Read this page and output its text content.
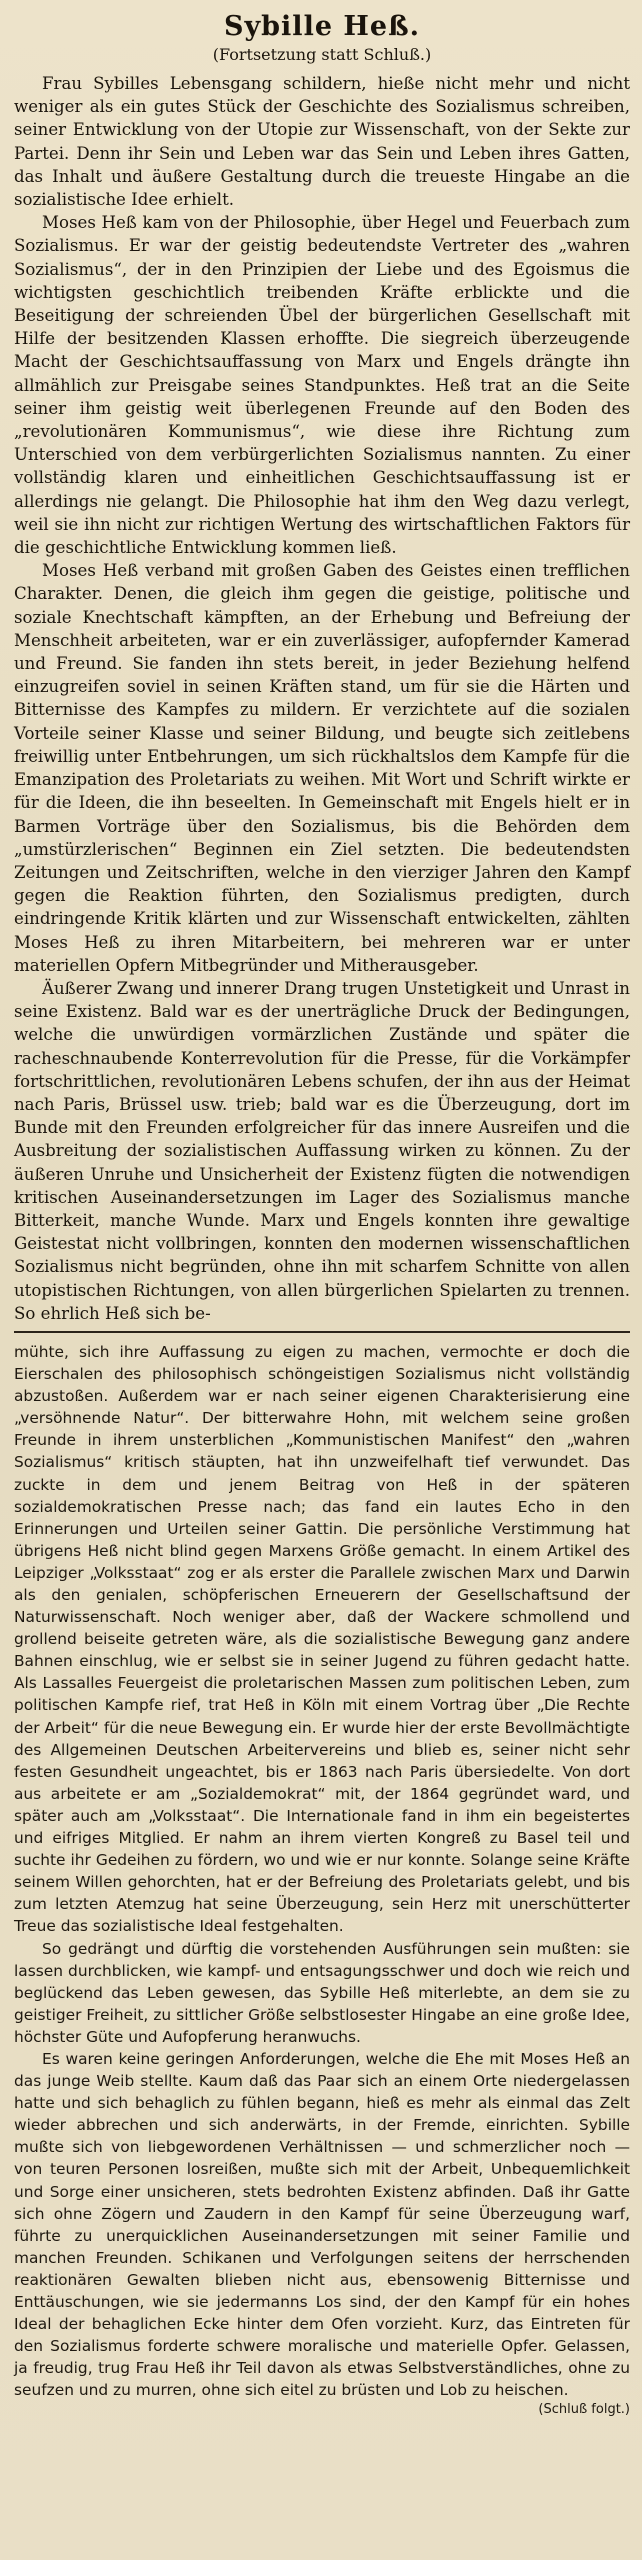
Sybille Heß.
(Fortsetzung statt Schluß.)

Frau Sybilles Lebensgang schildern, hieße nicht mehr und nicht weniger als ein gutes Stück der Geschichte des Sozialismus schreiben, seiner Entwicklung von der Utopie zur Wissenschaft, von der Sekte zur Partei. Denn ihr Sein und Leben war das Sein und Leben ihres Gatten, das Inhalt und äußere Gestaltung durch die treueste Hingabe an die sozialistische Idee erhielt.

Moses Heß kam von der Philosophie, über Hegel und Feuerbach zum Sozialismus. Er war der geistig bedeutendste Vertreter des „wahren Sozialismus“, der in den Prinzipien der Liebe und des Egoismus die wichtigsten geschichtlich treibenden Kräfte erblickte und die Beseitigung der schreienden Übel der bürgerlichen Gesellschaft mit Hilfe der besitzenden Klassen erhoffte. Die siegreich überzeugende Macht der Geschichtsauffassung von Marx und Engels drängte ihn allmählich zur Preisgabe seines Standpunktes. Heß trat an die Seite seiner ihm geistig weit überlegenen Freunde auf den Boden des „revolutionären Kommunismus“, wie diese ihre Richtung zum Unterschied von dem verbürgerlichten Sozialismus nannten. Zu einer vollständig klaren und einheitlichen Geschichtsauffassung ist er allerdings nie gelangt. Die Philosophie hat ihm den Weg dazu verlegt, weil sie ihn nicht zur richtigen Wertung des wirtschaftlichen Faktors für die geschichtliche Entwicklung kommen ließ.

Moses Heß verband mit großen Gaben des Geistes einen trefflichen Charakter. Denen, die gleich ihm gegen die geistige, politische und soziale Knechtschaft kämpften, an der Erhebung und Befreiung der Menschheit arbeiteten, war er ein zuverlässiger, aufopfernder Kamerad und Freund. Sie fanden ihn stets bereit, in jeder Beziehung helfend einzugreifen soviel in seinen Kräften stand, um für sie die Härten und Bitternisse des Kampfes zu mildern. Er verzichtete auf die sozialen Vorteile seiner Klasse und seiner Bildung, und beugte sich zeitlebens freiwillig unter Entbehrungen, um sich rückhaltslos dem Kampfe für die Emanzipation des Proletariats zu weihen. Mit Wort und Schrift wirkte er für die Ideen, die ihn beseelten. In Gemeinschaft mit Engels hielt er in Barmen Vorträge über den Sozialismus, bis die Behörden dem „umstürzlerischen“ Beginnen ein Ziel setzten. Die bedeutendsten Zeitungen und Zeitschriften, welche in den vierziger Jahren den Kampf gegen die Reaktion führten, den Sozialismus predigten, durch eindringende Kritik klärten und zur Wissenschaft entwickelten, zählten Moses Heß zu ihren Mitarbeitern, bei mehreren war er unter materiellen Opfern Mitbegründer und Mitherausgeber.

Äußerer Zwang und innerer Drang trugen Unstetigkeit und Unrast in seine Existenz. Bald war es der unerträgliche Druck der Bedingungen, welche die unwürdigen vormärzlichen Zustände und später die racheschnaubende Konterrevolution für die Presse, für die Vorkämpfer fortschrittlichen, revolutionären Lebens schufen, der ihn aus der Heimat nach Paris, Brüssel usw. trieb; bald war es die Überzeugung, dort im Bunde mit den Freunden erfolgreicher für das innere Ausreifen und die Ausbreitung der sozialistischen Auffassung wirken zu können. Zu der äußeren Unruhe und Unsicherheit der Existenz fügten die notwendigen kritischen Auseinandersetzungen im Lager des Sozialismus manche Bitterkeit, manche Wunde. Marx und Engels konnten ihre gewaltige Geistestat nicht vollbringen, konnten den modernen wissenschaftlichen Sozialismus nicht begründen, ohne ihn mit scharfem Schnitte von allen utopistischen Richtungen, von allen bürgerlichen Spielarten zu trennen. So ehrlich Heß sich be-

mühte, sich ihre Auffassung zu eigen zu machen, vermochte er doch die Eierschalen des philosophisch schöngeistigen Sozialismus nicht vollständig abzustoßen. Außerdem war er nach seiner eigenen Charakterisierung eine „versöhnende Natur“. Der bitterwahre Hohn, mit welchem seine großen Freunde in ihrem unsterblichen „Kommunistischen Manifest“ den „wahren Sozialismus“ kritisch stäupten, hat ihn unzweifelhaft tief verwundet. Das zuckte in dem und jenem Beitrag von Heß in der späteren sozialdemokratischen Presse nach; das fand ein lautes Echo in den Erinnerungen und Urteilen seiner Gattin. Die persönliche Verstimmung hat übrigens Heß nicht blind gegen Marxens Größe gemacht. In einem Artikel des Leipziger „Volksstaat“ zog er als erster die Parallele zwischen Marx und Darwin als den genialen, schöpferischen Erneuerern der Gesellschaftsund der Naturwissenschaft. Noch weniger aber, daß der Wackere schmollend und grollend beiseite getreten wäre, als die sozialistische Bewegung ganz andere Bahnen einschlug, wie er selbst sie in seiner Jugend zu führen gedacht hatte. Als Lassalles Feuergeist die proletarischen Massen zum politischen Leben, zum politischen Kampfe rief, trat Heß in Köln mit einem Vortrag über „Die Rechte der Arbeit“ für die neue Bewegung ein. Er wurde hier der erste Bevollmächtigte des Allgemeinen Deutschen Arbeitervereins und blieb es, seiner nicht sehr festen Gesundheit ungeachtet, bis er 1863 nach Paris übersiedelte. Von dort aus arbeitete er am „Sozialdemokrat“ mit, der 1864 gegründet ward, und später auch am „Volksstaat“. Die Internationale fand in ihm ein begeistertes und eifriges Mitglied. Er nahm an ihrem vierten Kongreß zu Basel teil und suchte ihr Gedeihen zu fördern, wo und wie er nur konnte. Solange seine Kräfte seinem Willen gehorchten, hat er der Befreiung des Proletariats gelebt, und bis zum letzten Atemzug hat seine Überzeugung, sein Herz mit unerschütterter Treue das sozialistische Ideal festgehalten.

So gedrängt und dürftig die vorstehenden Ausführungen sein mußten: sie lassen durchblicken, wie kampf- und entsagungsschwer und doch wie reich und beglückend das Leben gewesen, das Sybille Heß miterlebte, an dem sie zu geistiger Freiheit, zu sittlicher Größe selbstlosester Hingabe an eine große Idee, höchster Güte und Aufopferung heranwuchs.

Es waren keine geringen Anforderungen, welche die Ehe mit Moses Heß an das junge Weib stellte. Kaum daß das Paar sich an einem Orte niedergelassen hatte und sich behaglich zu fühlen begann, hieß es mehr als einmal das Zelt wieder abbrechen und sich anderwärts, in der Fremde, einrichten. Sybille mußte sich von liebgewordenen Verhältnissen — und schmerzlicher noch — von teuren Personen losreißen, mußte sich mit der Arbeit, Unbequemlichkeit und Sorge einer unsicheren, stets bedrohten Existenz abfinden. Daß ihr Gatte sich ohne Zögern und Zaudern in den Kampf für seine Überzeugung warf, führte zu unerquicklichen Auseinandersetzungen mit seiner Familie und manchen Freunden. Schikanen und Verfolgungen seitens der herrschenden reaktionären Gewalten blieben nicht aus, ebensowenig Bitternisse und Enttäuschungen, wie sie jedermanns Los sind, der den Kampf für ein hohes Ideal der behaglichen Ecke hinter dem Ofen vorzieht. Kurz, das Eintreten für den Sozialismus forderte schwere moralische und materielle Opfer. Gelassen, ja freudig, trug Frau Heß ihr Teil davon als etwas Selbstverständliches, ohne zu seufzen und zu murren, ohne sich eitel zu brüsten und Lob zu heischen.

(Schluß folgt.)
